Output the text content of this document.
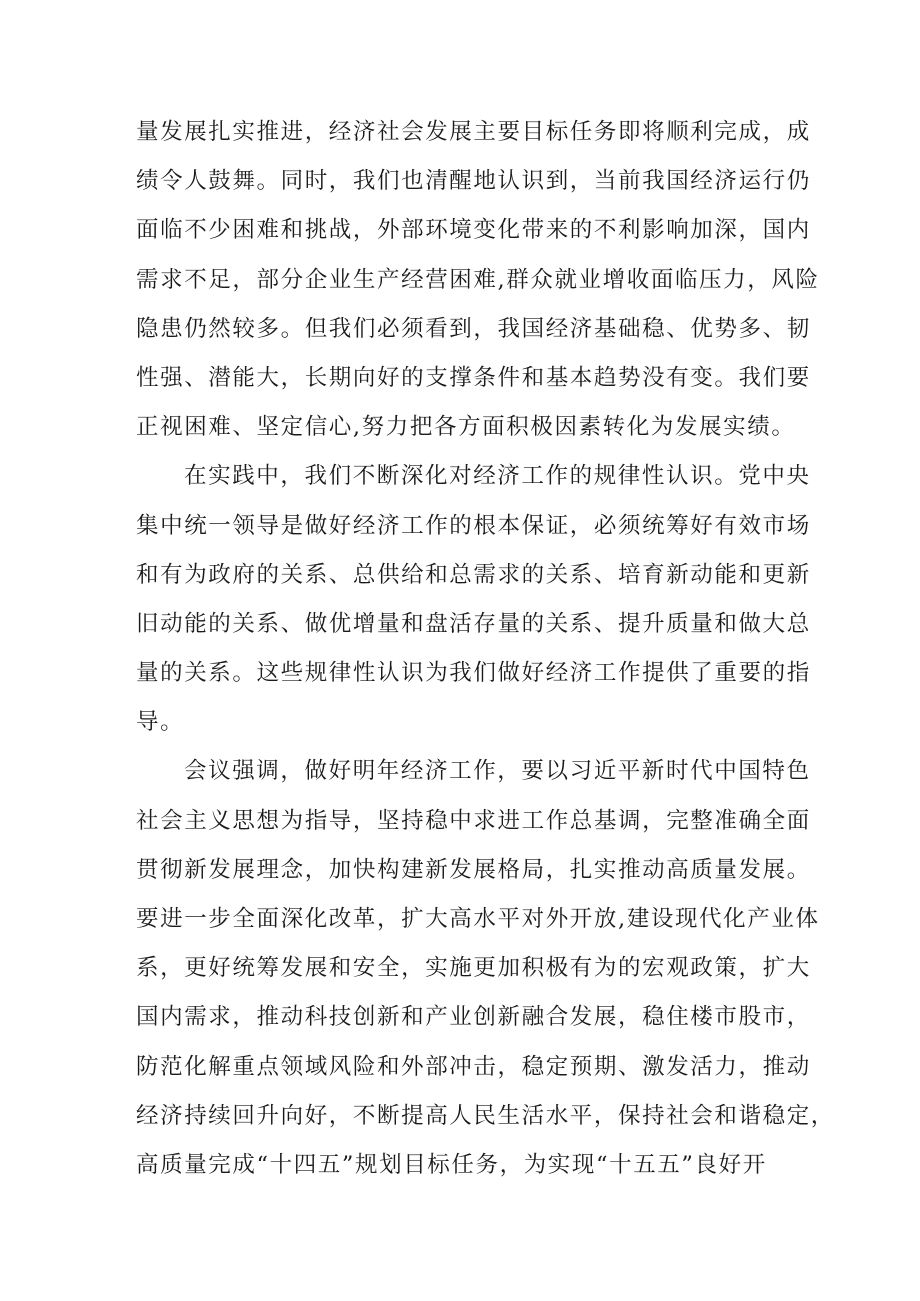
量发展扎实推进，经济社会发展主要目标任务即将顺利完成，成
绩令人鼓舞。同时，我们也清醒地认识到，当前我国经济运行仍
面临不少困难和挑战，外部环境变化带来的不利影响加深，国内
需求不足，部分企业生产经营困难,群众就业增收面临压力，风险
隐患仍然较多。但我们必须看到，我国经济基础稳、优势多、韧
性强、潜能大，长期向好的支撑条件和基本趋势没有变。我们要
正视困难、坚定信心,努力把各方面积极因素转化为发展实绩。
在实践中，我们不断深化对经济工作的规律性认识。党中央
集中统一领导是做好经济工作的根本保证，必须统筹好有效市场
和有为政府的关系、总供给和总需求的关系、培育新动能和更新
旧动能的关系、做优增量和盘活存量的关系、提升质量和做大总
量的关系。这些规律性认识为我们做好经济工作提供了重要的指
导。
会议强调，做好明年经济工作，要以习近平新时代中国特色
社会主义思想为指导，坚持稳中求进工作总基调，完整准确全面
贯彻新发展理念，加快构建新发展格局，扎实推动高质量发展。
要进一步全面深化改革，扩大高水平对外开放,建设现代化产业体
系，更好统筹发展和安全，实施更加积极有为的宏观政策，扩大
国内需求，推动科技创新和产业创新融合发展，稳住楼市股市，
防范化解重点领域风险和外部冲击，稳定预期、激发活力，推动
经济持续回升向好，不断提高人民生活水平，保持社会和谐稳定，
高质量完成“十四五”规划目标任务，为实现“十五五”良好开
